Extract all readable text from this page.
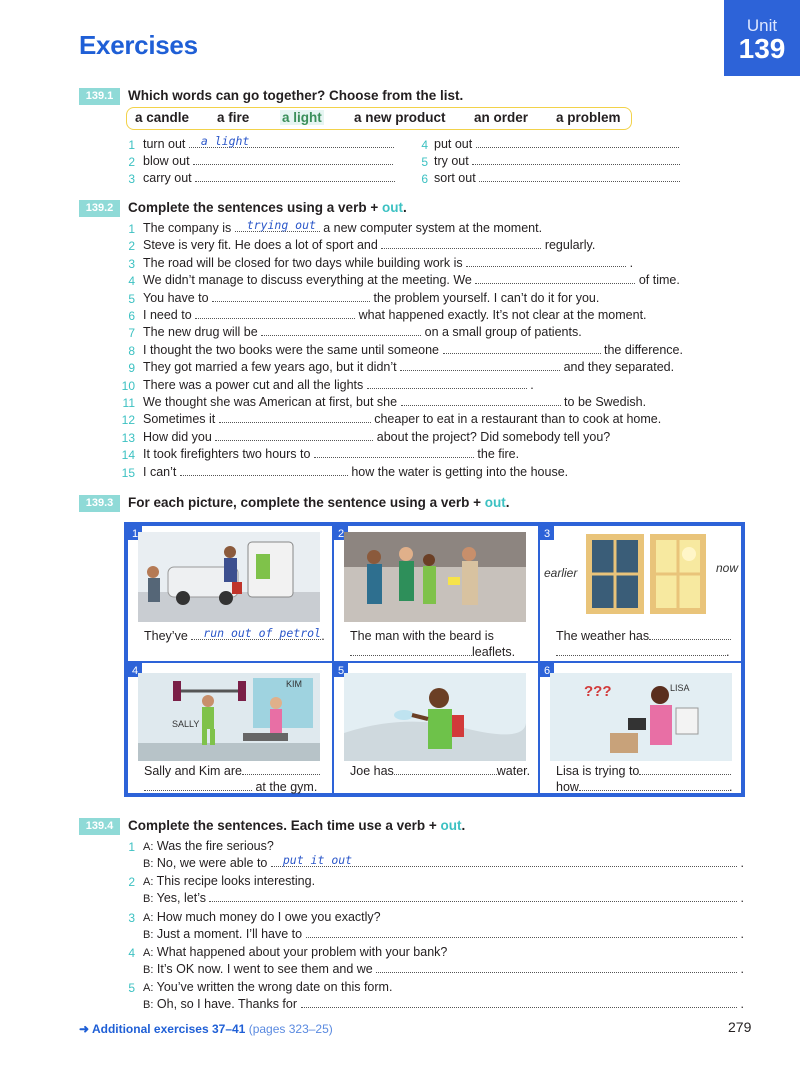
Exercises
Unit
139
139.1	Which words can go together? Choose from the list.
a candle a fire a light a new product an order a problem
1 turn out a light
2 blow out
3 carry out
4 put out
5 try out
6 sort out
139.2	Complete the sentences using a verb + out.
1 The company is trying out a new computer system at the moment.
2 Steve is very fit. He does a lot of sport and	regularly.
3 The road will be closed for two days while building work is	.
4 We didn’t manage to discuss everything at the meeting. We	of time.
5 You have to	the problem yourself. I can’t do it for you.
6 I need to	what happened exactly. It’s not clear at the moment.
7 The new drug will be	on a small group of patients.
8 I thought the two books were the same until someone	the difference.
9 They got married a few years ago, but it didn’t	and they separated.
10 There was a power cut and all the lights	.
11 We thought she was American at first, but she	to be Swedish.
12 Sometimes it	cheaper to eat in a restaurant than to cook at home.
13 How did you	about the project? Did somebody tell you?
14 It took firefighters two hours to	the fire.
15 I can’t	how the water is getting into the house.
139.3	For each picture, complete the sentence using a verb + out.
1
They’ve run out of petrol .
2
The man with the beard is
leaflets.
3
earlier	now
The weather has
.
4
KIM
SALLY
Sally and Kim are
at the gym.
5
Joe has	water.
6
???	LISA
Lisa is trying to
how	.
139.4	Complete the sentences. Each time use a verb + out.
1 A: Was the fire serious?
B: No, we were able to put it out	.
2 A: This recipe looks interesting.
B: Yes, let’s	.
3 A: How much money do I owe you exactly?
B: Just a moment. I’ll have to	.
4 A: What happened about your problem with your bank?
B: It’s OK now. I went to see them and we	.
5 A: You’ve written the wrong date on this form.
B: Oh, so I have. Thanks for	.
➜ Additional exercises 37–41 (pages 323–25)	279
